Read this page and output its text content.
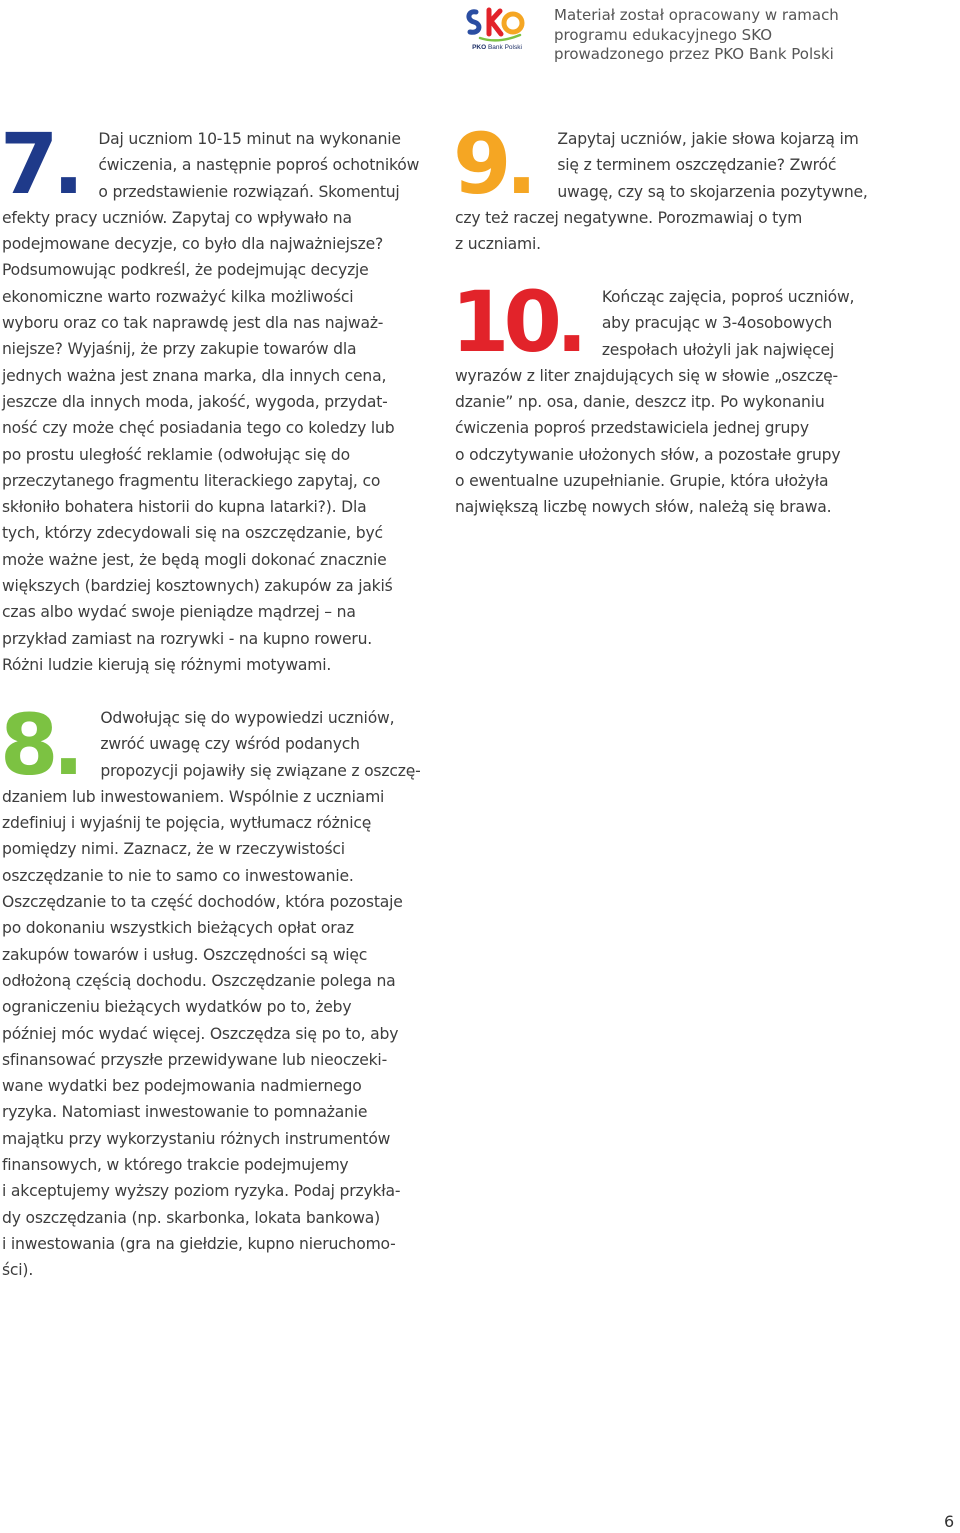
PKO Bank Polski
Materiał został opracowany w ramach
programu edukacyjnego SKO
prowadzonego przez PKO Bank Polski
7.	Daj uczniom 10-15 minut na wykonanie
ćwiczenia, a następnie poproś ochotników
o przedstawienie rozwiązań. Skomentuj
efekty pracy uczniów. Zapytaj co wpływało na
podejmowane decyzje, co było dla najważniejsze?
Podsumowując podkreśl, że podejmując decyzje
ekonomiczne warto rozważyć kilka możliwości
wyboru oraz co tak naprawdę jest dla nas najważ-
niejsze? Wyjaśnij, że przy zakupie towarów dla
jednych ważna jest znana marka, dla innych cena,
jeszcze dla innych moda, jakość, wygoda, przydat-
ność czy może chęć posiadania tego co koledzy lub
po prostu uległość reklamie (odwołując się do
przeczytanego fragmentu literackiego zapytaj, co
skłoniło bohatera historii do kupna latarki?). Dla
tych, którzy zdecydowali się na oszczędzanie, być
może ważne jest, że będą mogli dokonać znacznie
większych (bardziej kosztownych) zakupów za jakiś
czas albo wydać swoje pieniądze mądrzej – na
przykład zamiast na rozrywki - na kupno roweru.
Różni ludzie kierują się różnymi motywami.
8.	Odwołując się do wypowiedzi uczniów,
zwróć uwagę czy wśród podanych
propozycji pojawiły się związane z oszczę-
dzaniem lub inwestowaniem. Wspólnie z uczniami
zdefiniuj i wyjaśnij te pojęcia, wytłumacz różnicę
pomiędzy nimi. Zaznacz, że w rzeczywistości
oszczędzanie to nie to samo co inwestowanie.
Oszczędzanie to ta część dochodów, która pozostaje
po dokonaniu wszystkich bieżących opłat oraz
zakupów towarów i usług. Oszczędności są więc
odłożoną częścią dochodu. Oszczędzanie polega na
ograniczeniu bieżących wydatków po to, żeby
później móc wydać więcej. Oszczędza się po to, aby
sfinansować przyszłe przewidywane lub nieoczeki-
wane wydatki bez podejmowania nadmiernego
ryzyka. Natomiast inwestowanie to pomnażanie
majątku przy wykorzystaniu różnych instrumentów
finansowych, w którego trakcie podejmujemy
i akceptujemy wyższy poziom ryzyka. Podaj przykła-
dy oszczędzania (np. skarbonka, lokata bankowa)
i inwestowania (gra na giełdzie, kupno nieruchomo-
ści).
9.	Zapytaj uczniów, jakie słowa kojarzą im
się z terminem oszczędzanie? Zwróć
uwagę, czy są to skojarzenia pozytywne,
czy też raczej negatywne. Porozmawiaj o tym
z uczniami.
10.	Kończąc zajęcia, poproś uczniów,
aby pracując w 3-4osobowych
zespołach ułożyli jak najwięcej
wyrazów z liter znajdujących się w słowie „oszczę-
dzanie” np. osa, danie, deszcz itp. Po wykonaniu
ćwiczenia poproś przedstawiciela jednej grupy
o odczytywanie ułożonych słów, a pozostałe grupy
o ewentualne uzupełnianie. Grupie, która ułożyła
największą liczbę nowych słów, należą się brawa.
6
